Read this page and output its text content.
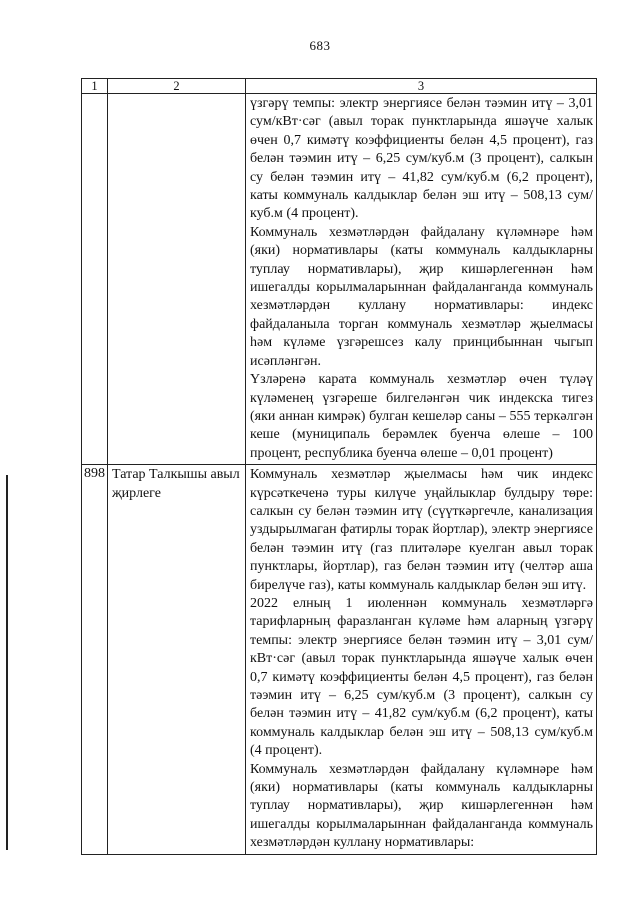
683
1	2	3

		үзгәрү темпы: электр энергиясе белән тәэмин итү – 3,01 сум/кВт·сәг (авыл торак пунктларында яшәүче халык өчен 0,7 кимәтү коэффициенты белән 4,5 процент), газ белән тәэмин итү – 6,25 сум/куб.м (3 процент), салкын су белән тәэмин итү – 41,82 сум/куб.м (6,2 процент), каты коммуналь калдыклар белән эш итү – 508,13 сум/куб.м (4 процент).

Коммуналь хезмәтләрдән файдалану күләмнәре һәм (яки) нормативлары (каты коммуналь калдыкларны туплау нормативлары), җир кишәрлегеннән һәм ишегалды корылмаларыннан файдаланганда коммуналь хезмәтләрдән куллану нормативлары: индекс файдаланыла торган коммуналь хезмәтләр җыелмасы һәм күләме үзгәрешсез калу принцибыннан чыгып исәпләнгән.

Үзләренә карата коммуналь хезмәтләр өчен түләү күләменең үзгәреше билгеләнгән чик индекска тигез (яки аннан кимрәк) булган кешеләр саны – 555 теркәлгән кеше (муниципаль берәмлек буенча өлеше – 100 процент, республика буенча өлеше – 0,01 процент)

898	Татар Талкышы авыл җирлеге	Коммуналь хезмәтләр җыелмасы һәм чик индекс күрсәткеченә туры килүче уңайлыклар булдыру төре: салкын су белән тәэмин итү (сүүткәргечле, канализация уздырылмаган фатирлы торак йортлар), электр энергиясе белән тәэмин итү (газ плитәләре куелган авыл торак пунктлары, йортлар), газ белән тәэмин итү (челтәр аша бирелүче газ), каты коммуналь калдыклар белән эш итү.

2022 елның 1 июленнән коммуналь хезмәтләргә тарифларның фаразланган күләме һәм аларның үзгәрү темпы: электр энергиясе белән тәэмин итү – 3,01 сум/кВт·сәг (авыл торак пунктларында яшәүче халык өчен 0,7 кимәтү коэффициенты белән 4,5 процент), газ белән тәэмин итү – 6,25 сум/куб.м (3 процент), салкын су белән тәэмин итү – 41,82 сум/куб.м (6,2 процент), каты коммуналь калдыклар белән эш итү – 508,13 сум/куб.м (4 процент).

Коммуналь хезмәтләрдән файдалану күләмнәре һәм (яки) нормативлары (каты коммуналь калдыкларны туплау нормативлары), җир кишәрлегеннән һәм ишегалды корылмаларыннан файдаланганда коммуналь хезмәтләрдән куллану нормативлары:
